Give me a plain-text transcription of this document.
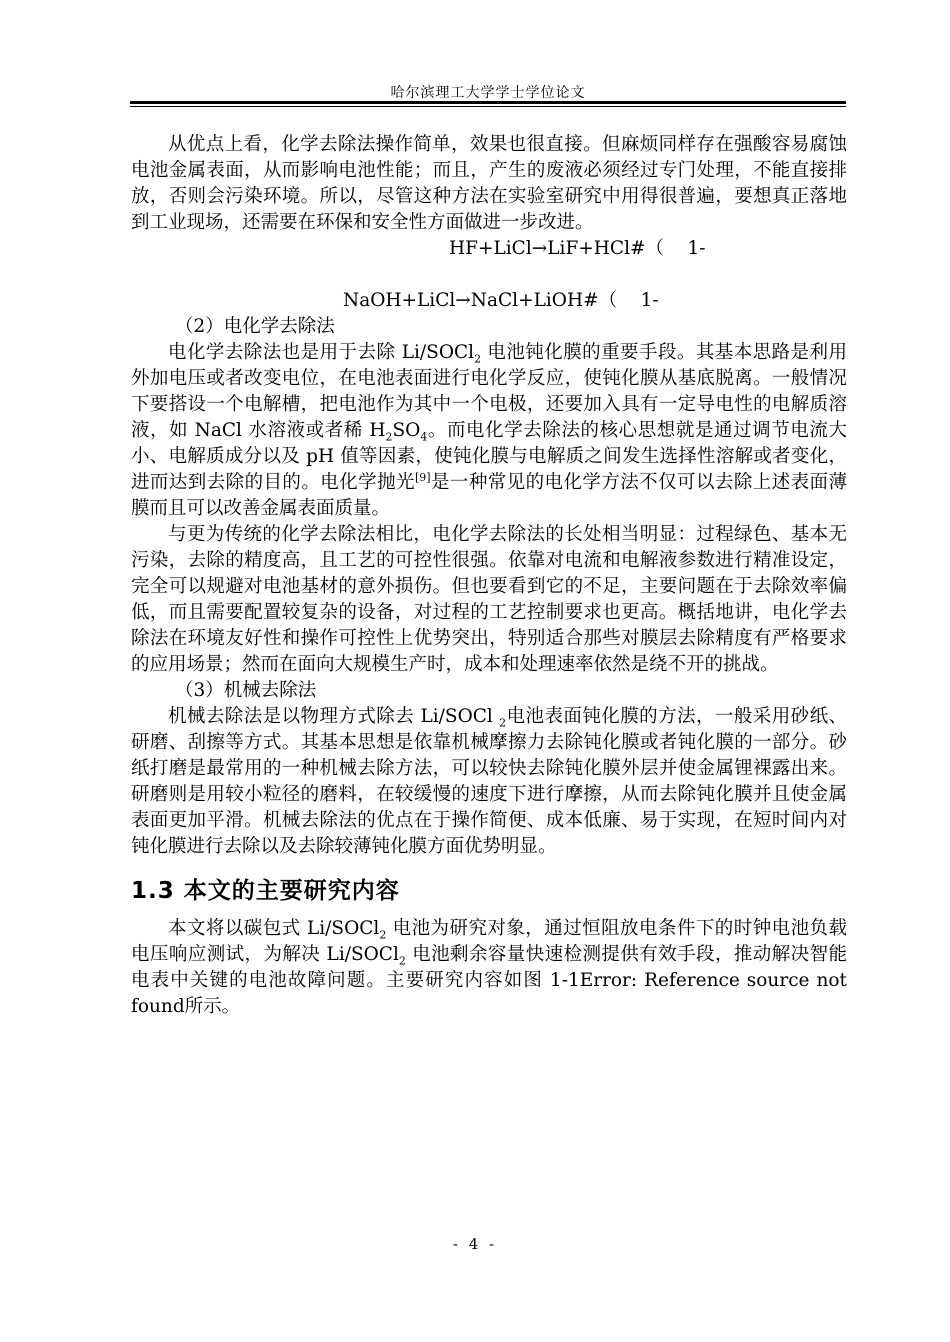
哈尔滨理工大学学士学位论文

从优点上看，化学去除法操作简单，效果也很直接。但麻烦同样存在强酸容易腐蚀电池金属表面，从而影响电池性能；而且，产生的废液必须经过专门处理，不能直接排放，否则会污染环境。所以，尽管这种方法在实验室研究中用得很普遍，要想真正落地到工业现场，还需要在环保和安全性方面做进一步改进。

HF+LiCl→LiF+HCl#（    1-

NaOH+LiCl→NaCl+LiOH#（    1-

（2）电化学去除法

电化学去除法也是用于去除 Li/SOCl$_2$ 电池钝化膜的重要手段。其基本思路是利用外加电压或者改变电位，在电池表面进行电化学反应，使钝化膜从基底脱离。一般情况下要搭设一个电解槽，把电池作为其中一个电极，还要加入具有一定导电性的电解质溶液，如 NaCl 水溶液或者稀 $H_2SO_4$。而电化学去除法的核心思想就是通过调节电流大小、电解质成分以及 pH 值等因素，使钝化膜与电解质之间发生选择性溶解或者变化，进而达到去除的目的。电化学抛光[9]是一种常见的电化学方法不仅可以去除上述表面薄膜而且可以改善金属表面质量。

与更为传统的化学去除法相比，电化学去除法的长处相当明显：过程绿色、基本无污染，去除的精度高，且工艺的可控性很强。依靠对电流和电解液参数进行精准设定，完全可以规避对电池基材的意外损伤。但也要看到它的不足，主要问题在于去除效率偏低，而且需要配置较复杂的设备，对过程的工艺控制要求也更高。概括地讲，电化学去除法在环境友好性和操作可控性上优势突出，特别适合那些对膜层去除精度有严格要求的应用场景；然而在面向大规模生产时，成本和处理速率依然是绕不开的挑战。

（3）机械去除法

机械去除法是以物理方式除去 Li/SOCl $_2$电池表面钝化膜的方法，一般采用砂纸、研磨、刮擦等方式。其基本思想是依靠机械摩擦力去除钝化膜或者钝化膜的一部分。砂纸打磨是最常用的一种机械去除方法，可以较快去除钝化膜外层并使金属锂裸露出来。研磨则是用较小粒径的磨料，在较缓慢的速度下进行摩擦，从而去除钝化膜并且使金属表面更加平滑。机械去除法的优点在于操作简便、成本低廉、易于实现，在短时间内对钝化膜进行去除以及去除较薄钝化膜方面优势明显。

1.3 本文的主要研究内容

本文将以碳包式 Li/SOCl$_2$ 电池为研究对象，通过恒阻放电条件下的时钟电池负载电压响应测试，为解决 Li/SOCl$_2$ 电池剩余容量快速检测提供有效手段，推动解决智能电表中关键的电池故障问题。主要研究内容如图 1-1Error: Reference source not found所示。

- 4 -
